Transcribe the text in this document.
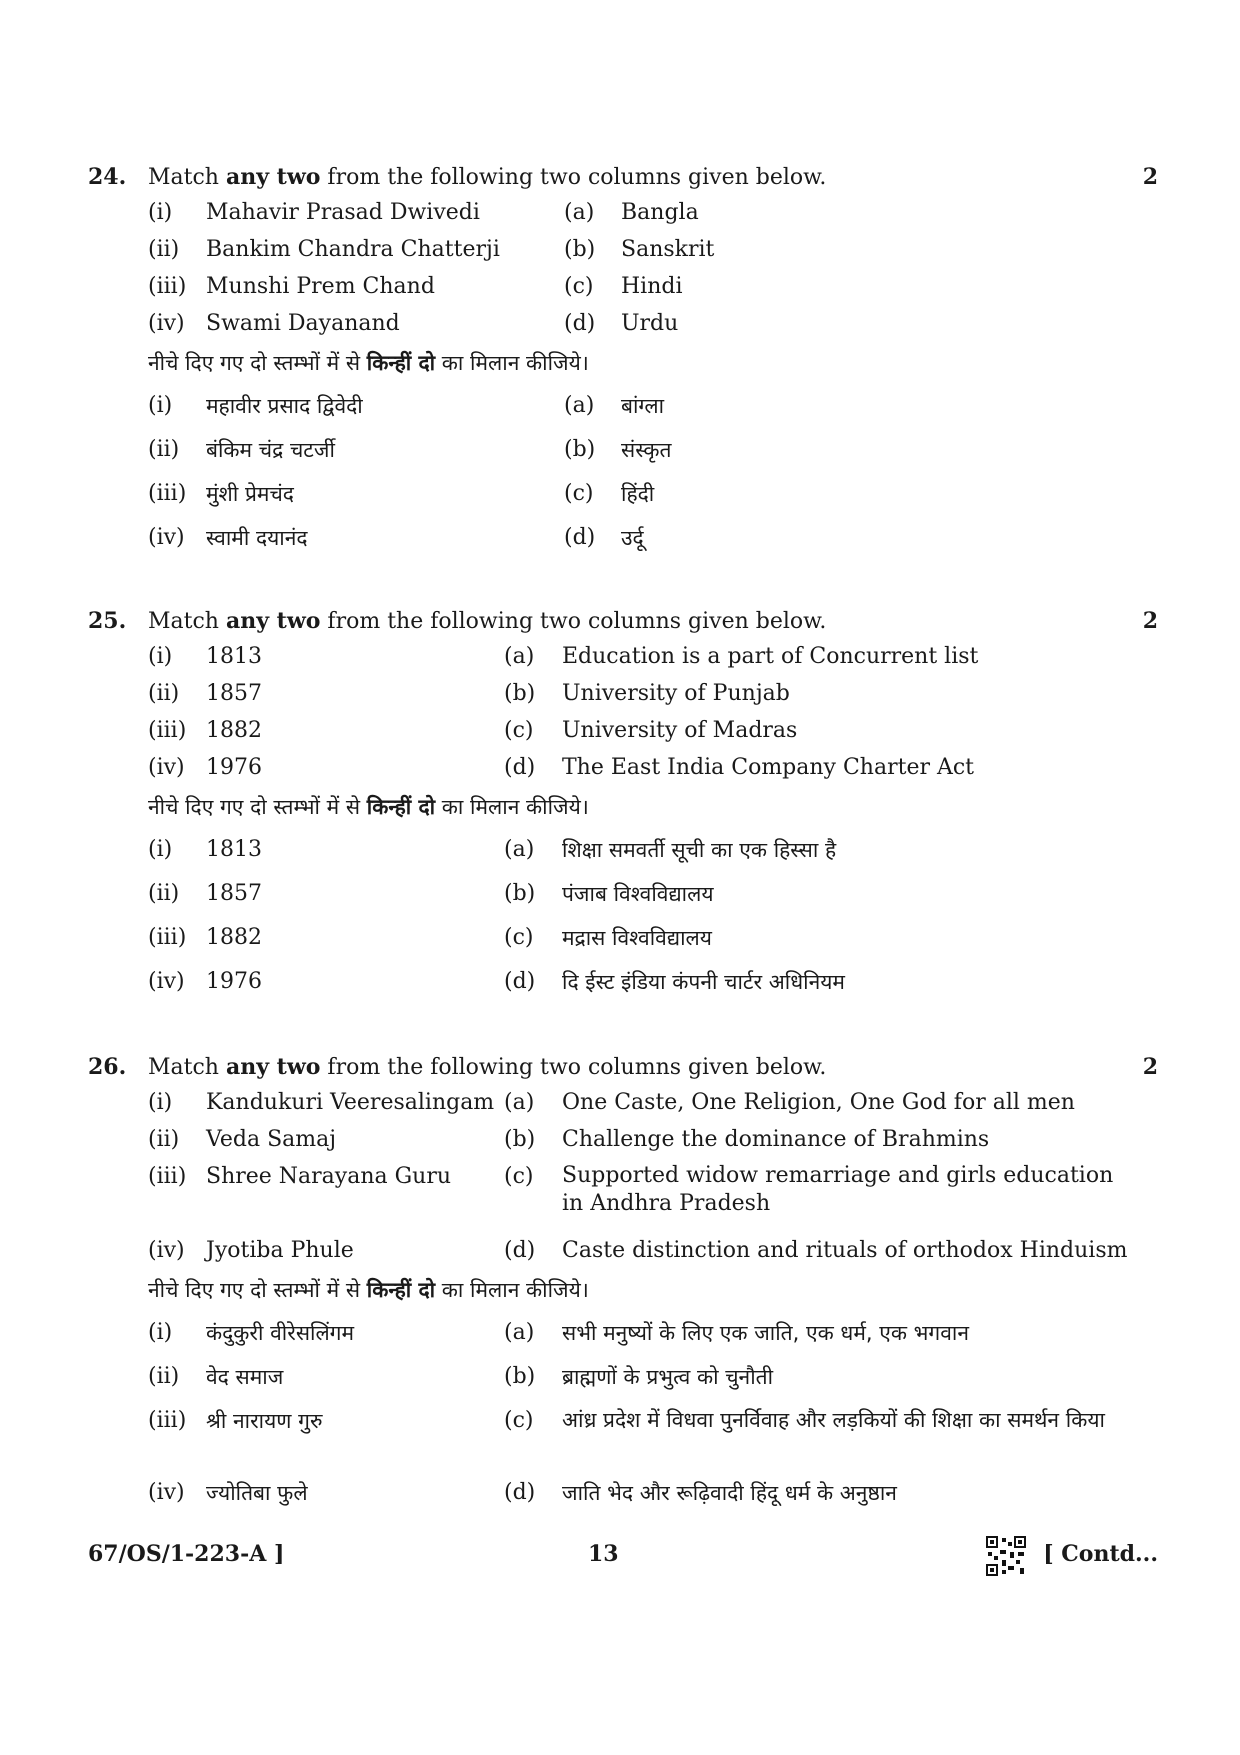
24. Match any two from the following two columns given below.	2
(i) Mahavir Prasad Dwivedi	(a) Bangla
(ii) Bankim Chandra Chatterji	(b) Sanskrit
(iii) Munshi Prem Chand	(c) Hindi
(iv) Swami Dayanand	(d) Urdu
नीचे दिए गए दो स्तम्भों में से किन्हीं दो का मिलान कीजिये।
(i) महावीर प्रसाद द्विवेदी	(a) बांग्ला
(ii) बंकिम चंद्र चटर्जी	(b) संस्कृत
(iii) मुंशी प्रेमचंद	(c) हिंदी
(iv) स्वामी दयानंद	(d) उर्दू
25. Match any two from the following two columns given below.	2
(i) 1813	(a) Education is a part of Concurrent list
(ii) 1857	(b) University of Punjab
(iii) 1882	(c) University of Madras
(iv) 1976	(d) The East India Company Charter Act
नीचे दिए गए दो स्तम्भों में से किन्हीं दो का मिलान कीजिये।
(i) 1813	(a) शिक्षा समवर्ती सूची का एक हिस्सा है
(ii) 1857	(b) पंजाब विश्वविद्यालय
(iii) 1882	(c) मद्रास विश्वविद्यालय
(iv) 1976	(d) दि ईस्ट इंडिया कंपनी चार्टर अधिनियम
26. Match any two from the following two columns given below.	2
(i) Kandukuri Veeresalingam (a) One Caste, One Religion, One God for all men
(ii) Veda Samaj	(b) Challenge the dominance of Brahmins
(iii) Shree Narayana Guru (c) Supported widow remarriage and girls education in Andhra Pradesh
(iv) Jyotiba Phule	(d) Caste distinction and rituals of orthodox Hinduism
नीचे दिए गए दो स्तम्भों में से किन्हीं दो का मिलान कीजिये।
(i) कंदुकुरी वीरेसलिंगम	(a) सभी मनुष्यों के लिए एक जाति, एक धर्म, एक भगवान
(ii) वेद समाज	(b) ब्राह्मणों के प्रभुत्व को चुनौती
(iii) श्री नारायण गुरु	(c) आंध्र प्रदेश में विधवा पुनर्विवाह और लड़कियों की शिक्षा का समर्थन किया
(iv) ज्योतिबा फुले	(d) जाति भेद और रूढ़िवादी हिंदू धर्म के अनुष्ठान
67/OS/1-223-A ]	13	[ Contd...
